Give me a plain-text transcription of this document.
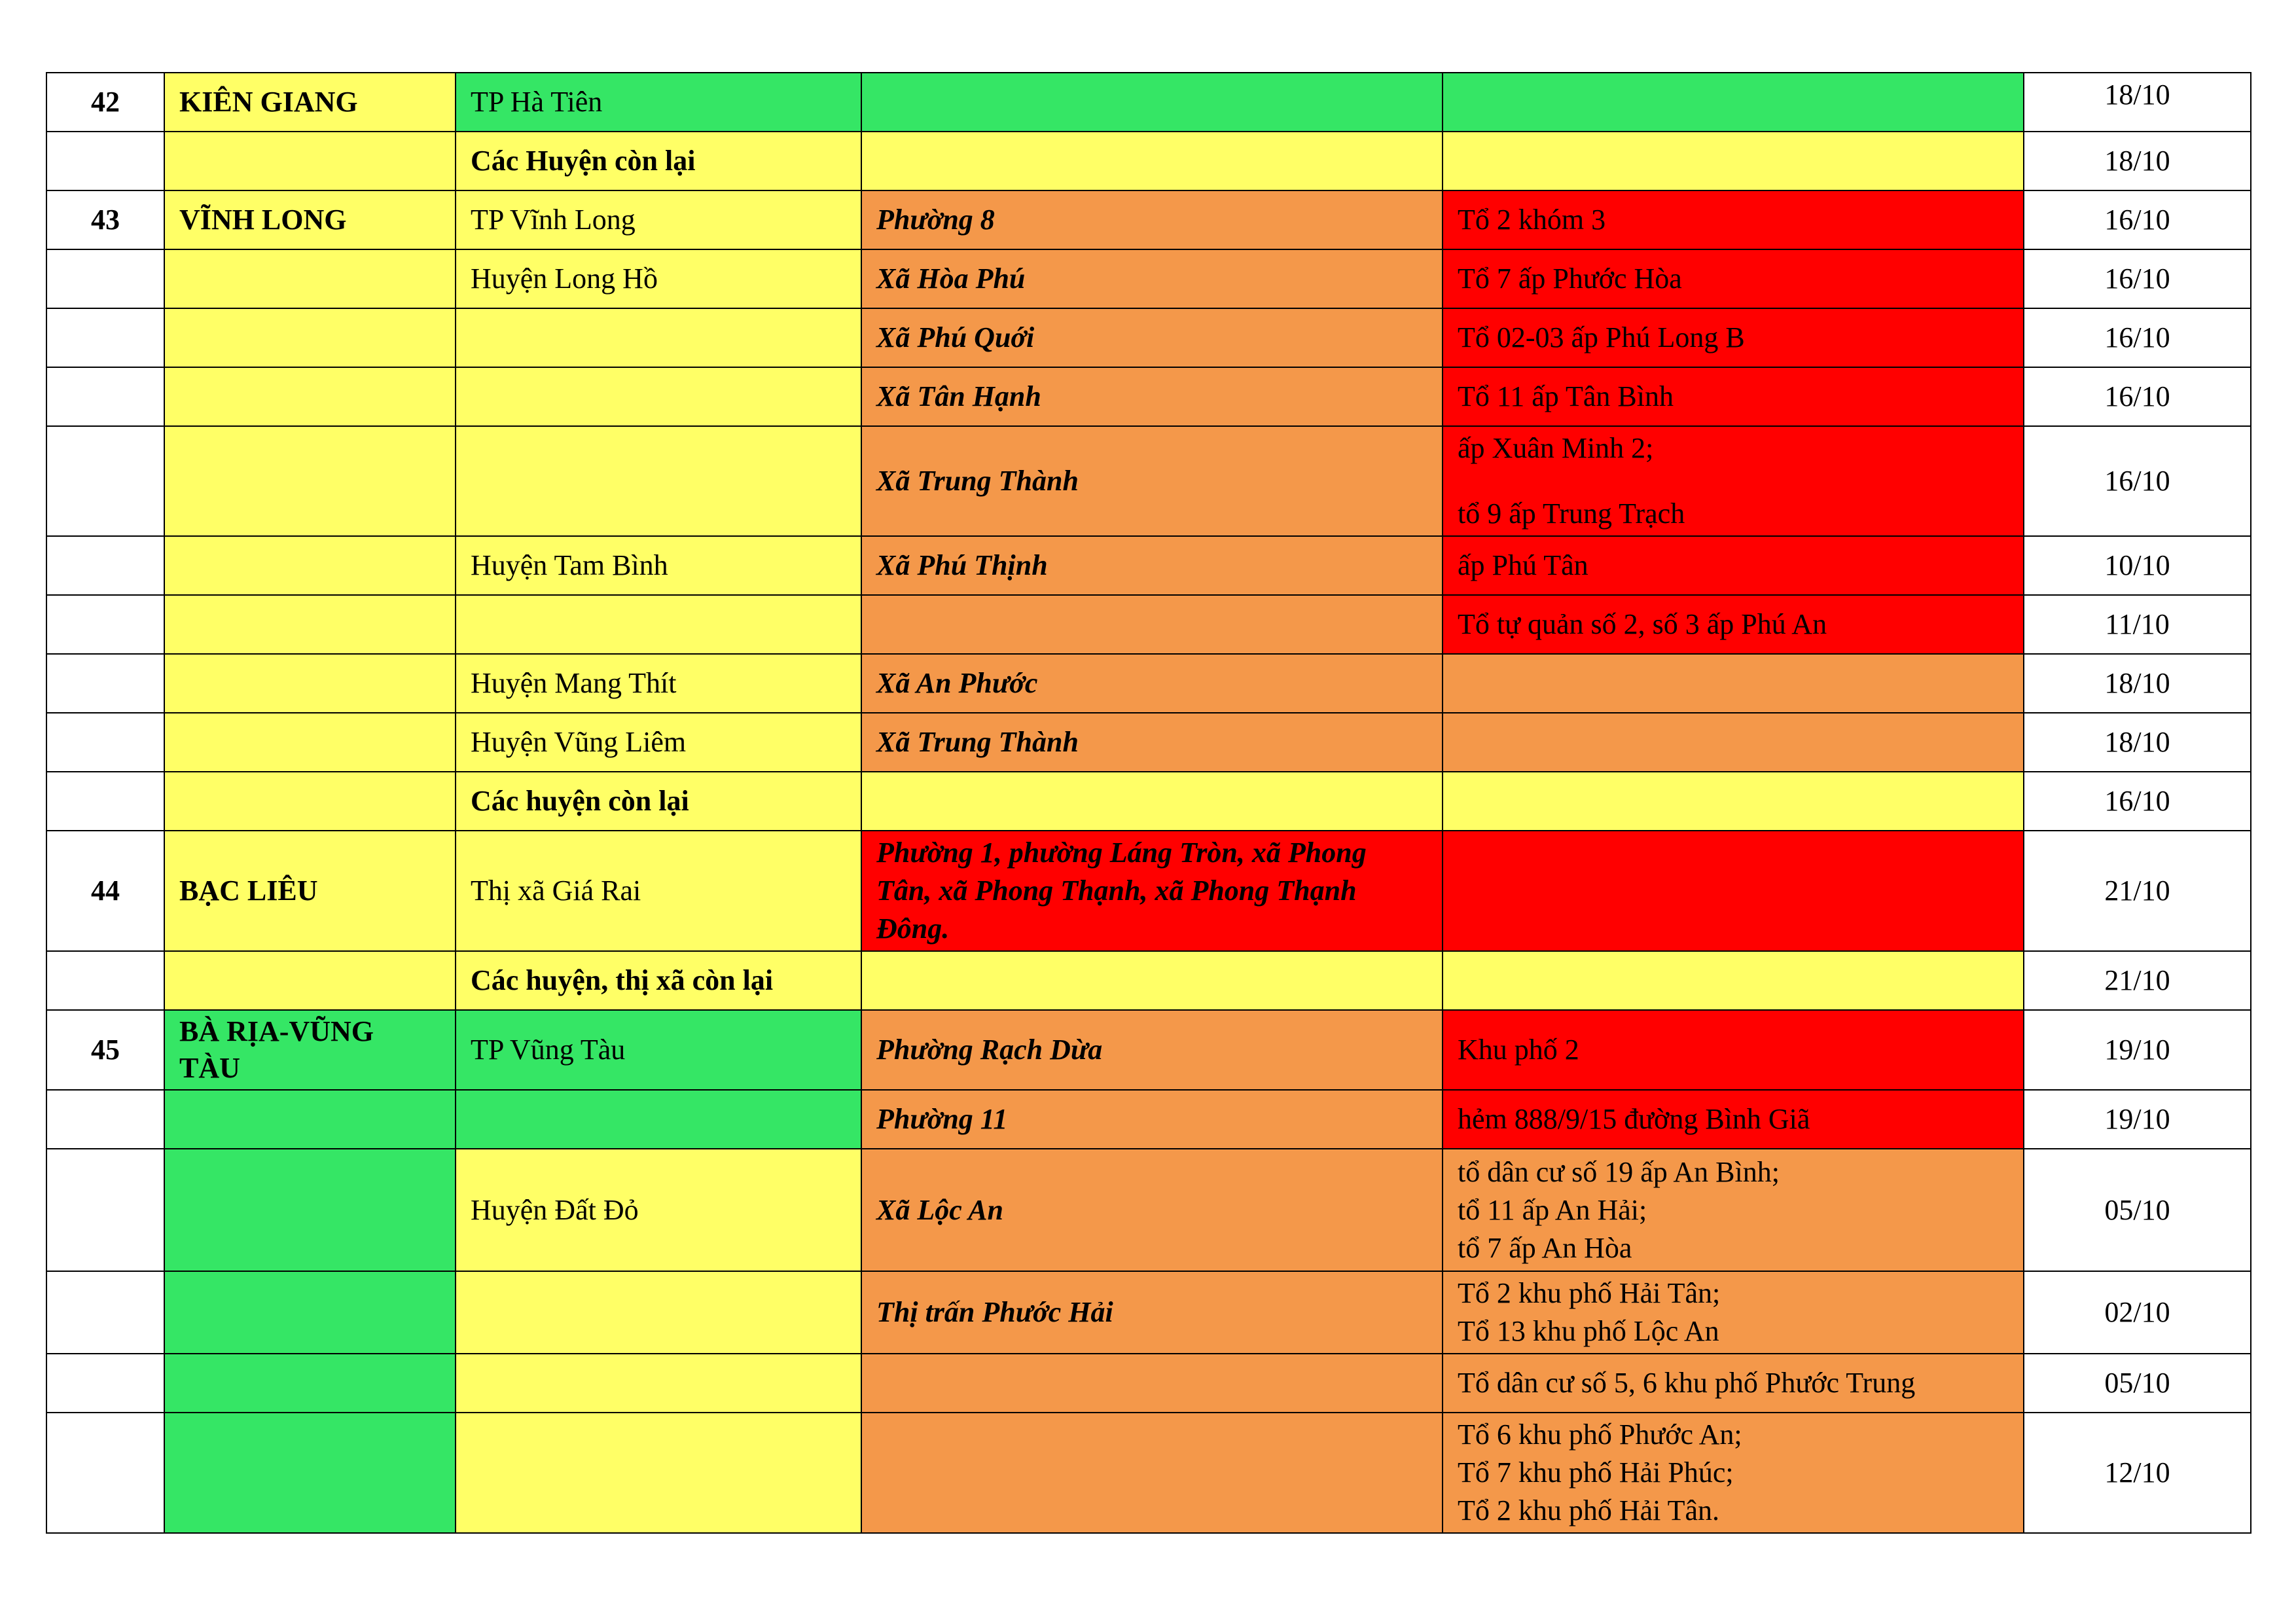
42	KIÊN GIANG	TP Hà Tiên			18/10
		Các Huyện còn lại			18/10
43	VĨNH LONG	TP Vĩnh Long	Phường 8	Tổ 2 khóm 3	16/10
		Huyện Long Hồ	Xã Hòa Phú	Tổ 7 ấp Phước Hòa	16/10
			Xã Phú Quới	Tổ 02-03 ấp Phú Long B	16/10
			Xã Tân Hạnh	Tổ 11 ấp Tân Bình	16/10
			Xã Trung Thành	ấp Xuân Minh 2;
tổ 9 ấp Trung Trạch	16/10
		Huyện Tam Bình	Xã Phú Thịnh	ấp Phú Tân	10/10

				Tổ tự quản số 2, số 3 ấp Phú An	11/10
		Huyện Mang Thít	Xã An Phước		18/10
		Huyện Vũng Liêm	Xã Trung Thành		18/10
		Các huyện còn lại			16/10
44	BẠC LIÊU	Thị xã Giá Rai	Phường 1, phường Láng Tròn, xã Phong Tân, xã Phong Thạnh, xã Phong Thạnh Đông.		21/10
		Các huyện, thị xã còn lại			21/10
45	BÀ RỊA-VŨNG TÀU	TP Vũng Tàu	Phường Rạch Dừa	Khu phố 2	19/10
			Phường 11	hẻm 888/9/15 đường Bình Giã	19/10
		Huyện Đất Đỏ	Xã Lộc An	tổ dân cư số 19 ấp An Bình;
tổ 11 ấp An Hải;
tổ 7 ấp An Hòa	05/10
			Thị trấn Phước Hải	Tổ 2 khu phố Hải Tân;
Tổ 13 khu phố Lộc An	02/10

				Tổ dân cư số 5, 6 khu phố Phước Trung	05/10

				Tổ 6 khu phố Phước An;
Tổ 7 khu phố Hải Phúc;
Tổ 2 khu phố Hải Tân.	12/10
